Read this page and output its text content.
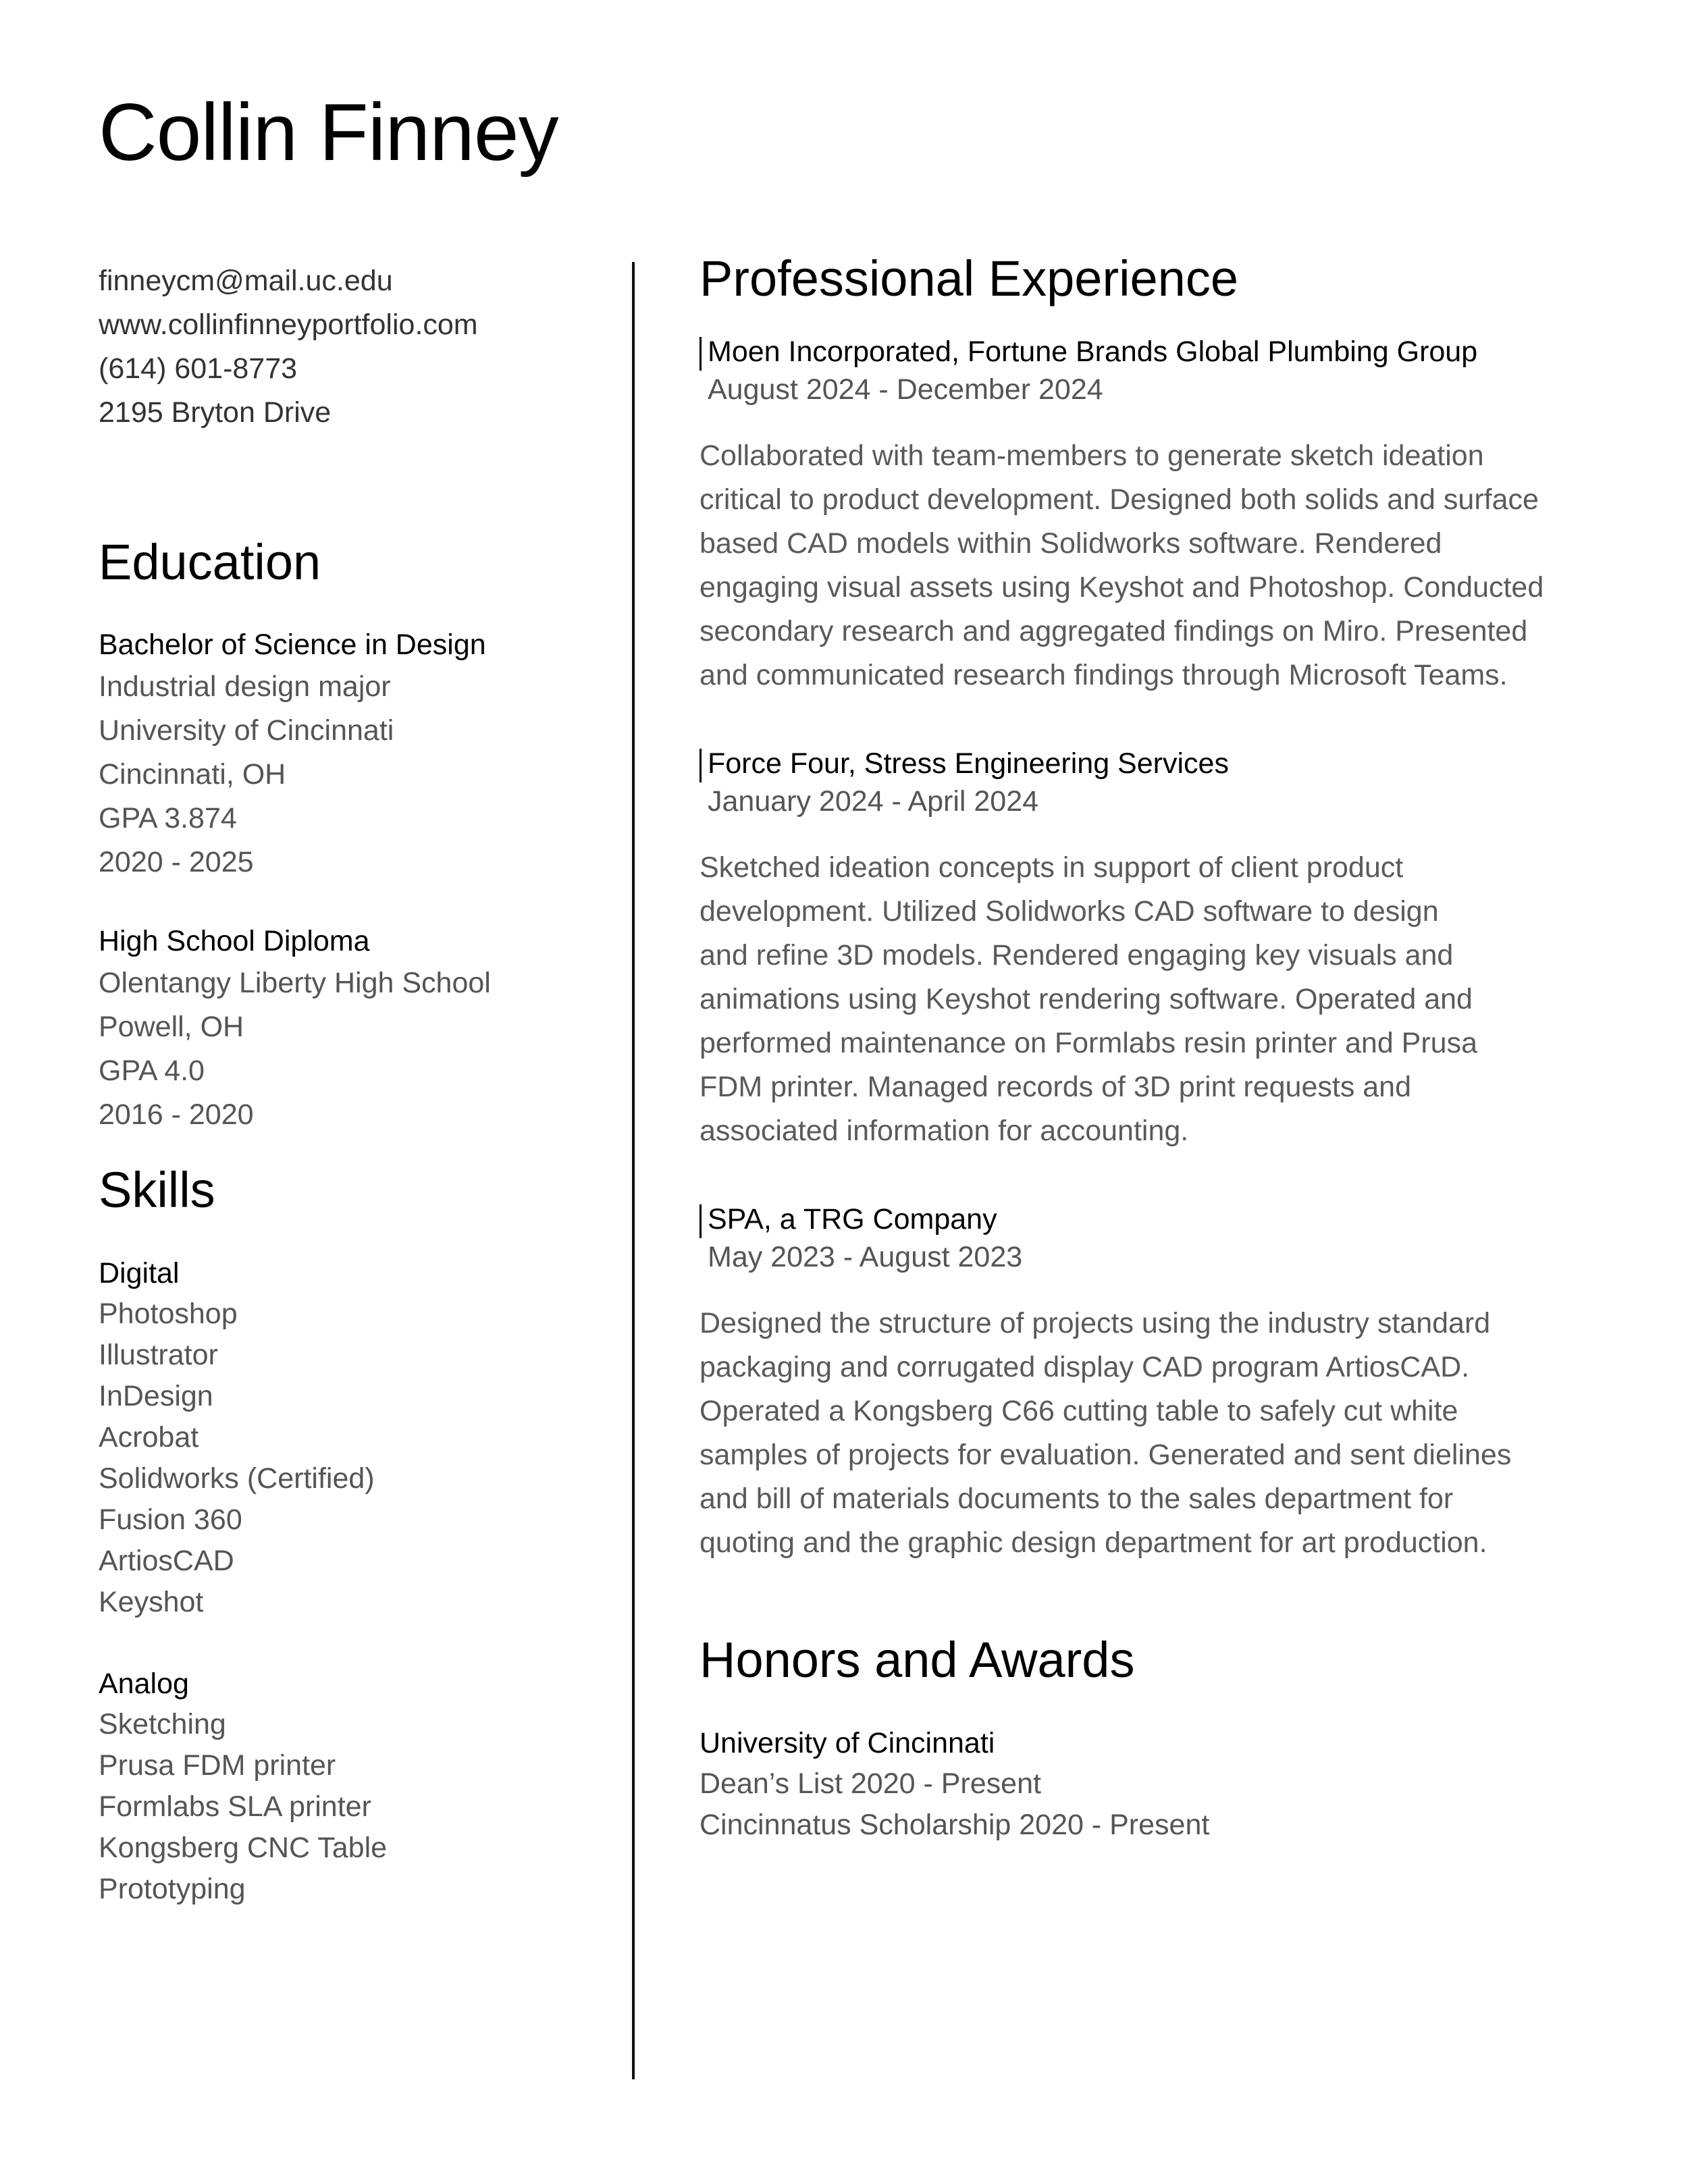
Collin Finney
finneycm@mail.uc.edu
www.collinfinneyportfolio.com
(614) 601-8773
2195 Bryton Drive
Education
Bachelor of Science in Design
Industrial design major
University of Cincinnati
Cincinnati, OH
GPA 3.874
2020 - 2025
High School Diploma
Olentangy Liberty High School
Powell, OH
GPA 4.0
2016 - 2020
Skills
Digital
Photoshop
Illustrator
InDesign
Acrobat
Solidworks (Certified)
Fusion 360
ArtiosCAD
Keyshot
Analog
Sketching
Prusa FDM printer
Formlabs SLA printer
Kongsberg CNC Table
Prototyping
Professional Experience
Moen Incorporated, Fortune Brands Global Plumbing Group
August 2024 - December 2024
Collaborated with team-members to generate sketch ideation
critical to product development. Designed both solids and surface
based CAD models within Solidworks software. Rendered
engaging visual assets using Keyshot and Photoshop. Conducted
secondary research and aggregated findings on Miro. Presented
and communicated research findings through Microsoft Teams.
Force Four, Stress Engineering Services
January 2024 - April 2024
Sketched ideation concepts in support of client product
development. Utilized Solidworks CAD software to design
and refine 3D models. Rendered engaging key visuals and
animations using Keyshot rendering software. Operated and
performed maintenance on Formlabs resin printer and Prusa
FDM printer. Managed records of 3D print requests and
associated information for accounting.
SPA, a TRG Company
May 2023 - August 2023
Designed the structure of projects using the industry standard
packaging and corrugated display CAD program ArtiosCAD.
Operated a Kongsberg C66 cutting table to safely cut white
samples of projects for evaluation. Generated and sent dielines
and bill of materials documents to the sales department for
quoting and the graphic design department for art production.
Honors and Awards
University of Cincinnati
Dean’s List 2020 - Present
Cincinnatus Scholarship 2020 - Present
